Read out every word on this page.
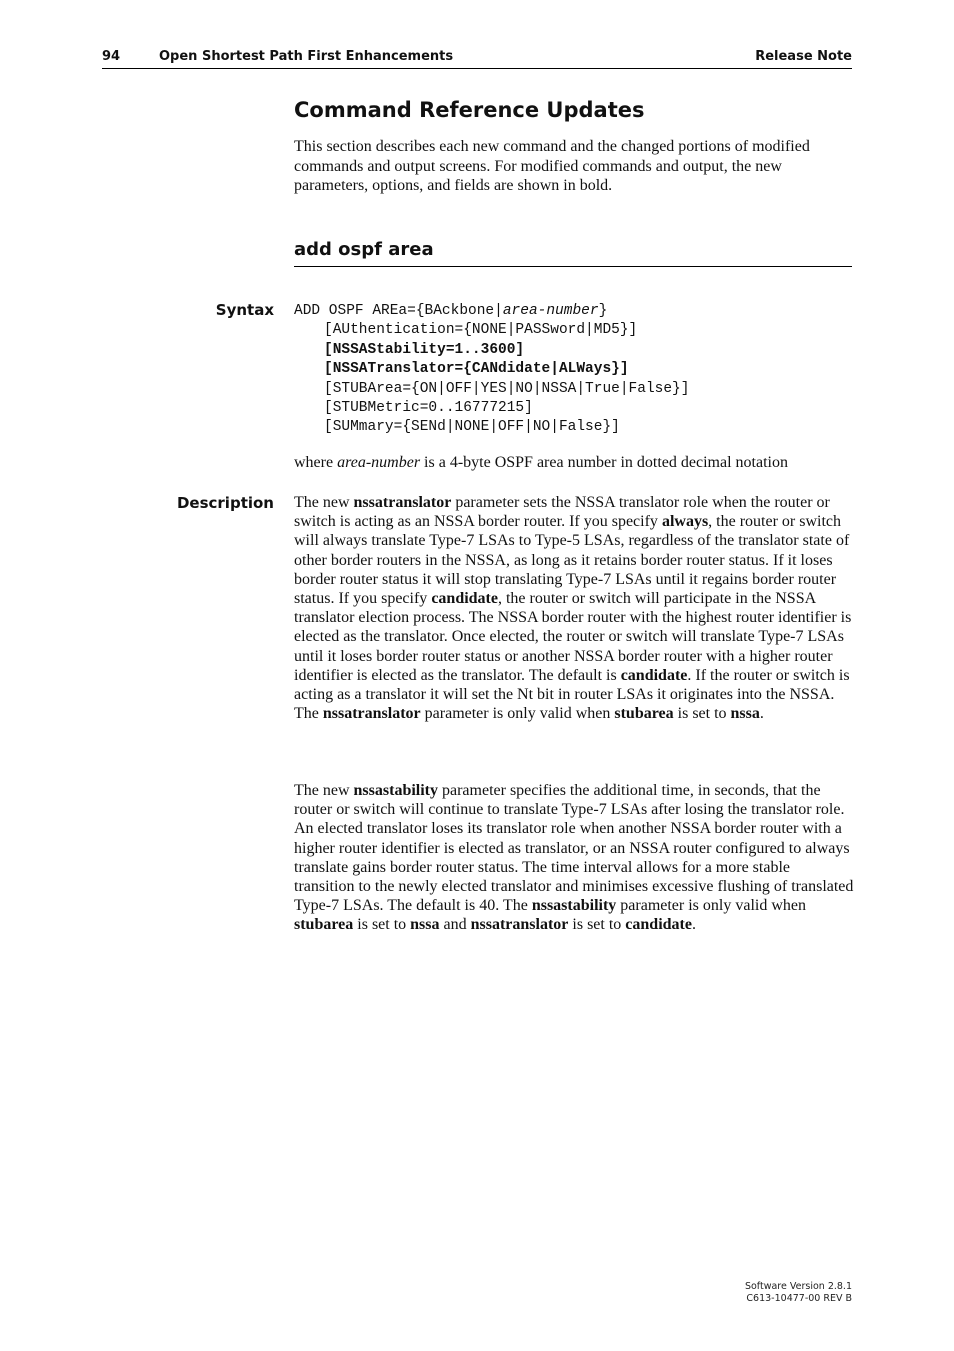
94	Open Shortest Path First Enhancements	Release Note
Command Reference Updates

This section describes each new command and the changed portions of modified commands and output screens. For modified commands and output, the new parameters, options, and fields are shown in bold.

add ospf area
Syntax ADD OSPF AREa={BAckbone|area-number}
[AUthentication={NONE|PASSword|MD5}]
[NSSAStability=1..3600]
[NSSATranslator={CANdidate|ALWays}]
[STUBArea={ON|OFF|YES|NO|NSSA|True|False}]
[STUBMetric=0..16777215]
[SUMmary={SENd|NONE|OFF|NO|False}]
where area-number is a 4-byte OSPF area number in dotted decimal notation
Description The new nssatranslator parameter sets the NSSA translator role when the router or switch is acting as an NSSA border router. If you specify always, the router or switch will always translate Type-7 LSAs to Type-5 LSAs, regardless of the translator state of other border routers in the NSSA, as long as it retains border router status. If it loses border router status it will stop translating Type-7 LSAs until it regains border router status. If you specify candidate, the router or switch will participate in the NSSA translator election process. The NSSA border router with the highest router identifier is elected as the translator. Once elected, the router or switch will translate Type-7 LSAs until it loses border router status or another NSSA border router with a higher router identifier is elected as the translator. The default is candidate. If the router or switch is acting as a translator it will set the Nt bit in router LSAs it originates into the NSSA. The nssatranslator parameter is only valid when stubarea is set to nssa.

The new nssastability parameter specifies the additional time, in seconds, that the router or switch will continue to translate Type-7 LSAs after losing the translator role. An elected translator loses its translator role when another NSSA border router with a higher router identifier is elected as translator, or an NSSA router configured to always translate gains border router status. The time interval allows for a more stable transition to the newly elected translator and minimises excessive flushing of translated Type-7 LSAs. The default is 40. The nssastability parameter is only valid when stubarea is set to nssa and nssatranslator is set to candidate.

Software Version 2.8.1
C613-10477-00 REV B
